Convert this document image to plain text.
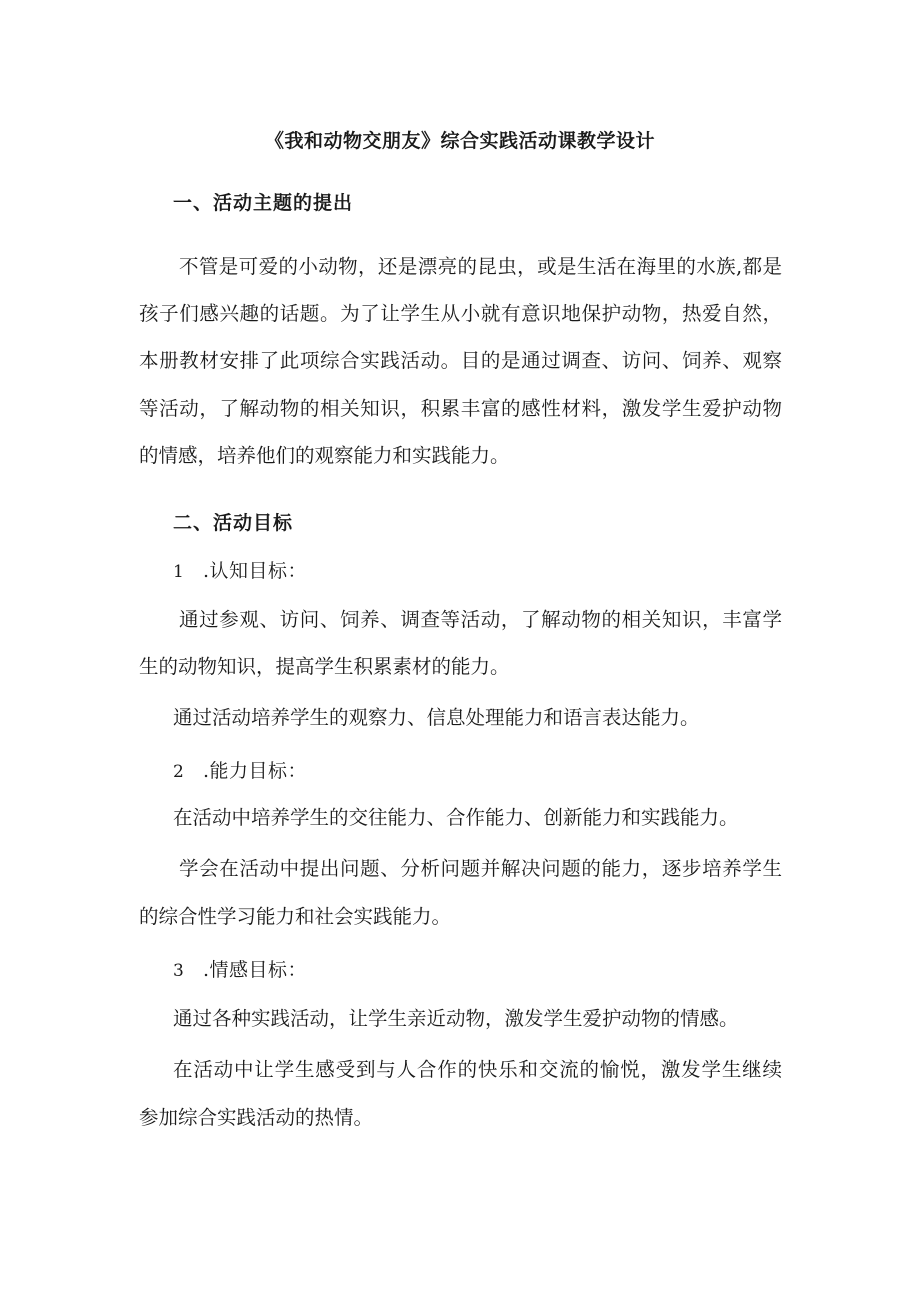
《我和动物交朋友》综合实践活动课教学设计
一、活动主题的提出
不管是可爱的小动物，还是漂亮的昆虫，或是生活在海里的水族,都是
孩子们感兴趣的话题。为了让学生从小就有意识地保护动物，热爱自然，
本册教材安排了此项综合实践活动。目的是通过调查、访问、饲养、观察
等活动，了解动物的相关知识，积累丰富的感性材料，激发学生爱护动物
的情感，培养他们的观察能力和实践能力。
二、活动目标
1 .认知目标：
通过参观、访问、饲养、调查等活动，了解动物的相关知识，丰富学
生的动物知识，提高学生积累素材的能力。
通过活动培养学生的观察力、信息处理能力和语言表达能力。
2 .能力目标：
在活动中培养学生的交往能力、合作能力、创新能力和实践能力。
学会在活动中提出问题、分析问题并解决问题的能力，逐步培养学生
的综合性学习能力和社会实践能力。
3 .情感目标：
通过各种实践活动，让学生亲近动物，激发学生爱护动物的情感。
在活动中让学生感受到与人合作的快乐和交流的愉悦，激发学生继续
参加综合实践活动的热情。
